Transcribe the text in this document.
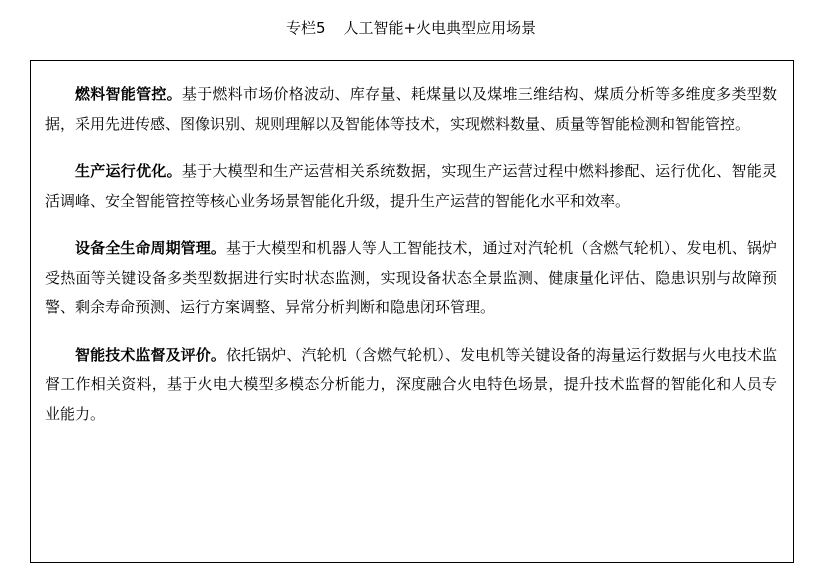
专栏5 人工智能+火电典型应用场景

燃料智能管控。基于燃料市场价格波动、库存量、耗煤量以及煤堆三维结构、煤质分析等多维度多类型数据，采用先进传感、图像识别、规则理解以及智能体等技术，实现燃料数量、质量等智能检测和智能管控。

生产运行优化。基于大模型和生产运营相关系统数据，实现生产运营过程中燃料掺配、运行优化、智能灵活调峰、安全智能管控等核心业务场景智能化升级，提升生产运营的智能化水平和效率。

设备全生命周期管理。基于大模型和机器人等人工智能技术，通过对汽轮机（含燃气轮机）、发电机、锅炉受热面等关键设备多类型数据进行实时状态监测，实现设备状态全景监测、健康量化评估、隐患识别与故障预警、剩余寿命预测、运行方案调整、异常分析判断和隐患闭环管理。

智能技术监督及评价。依托锅炉、汽轮机（含燃气轮机）、发电机等关键设备的海量运行数据与火电技术监督工作相关资料，基于火电大模型多模态分析能力，深度融合火电特色场景，提升技术监督的智能化和人员专业能力。
